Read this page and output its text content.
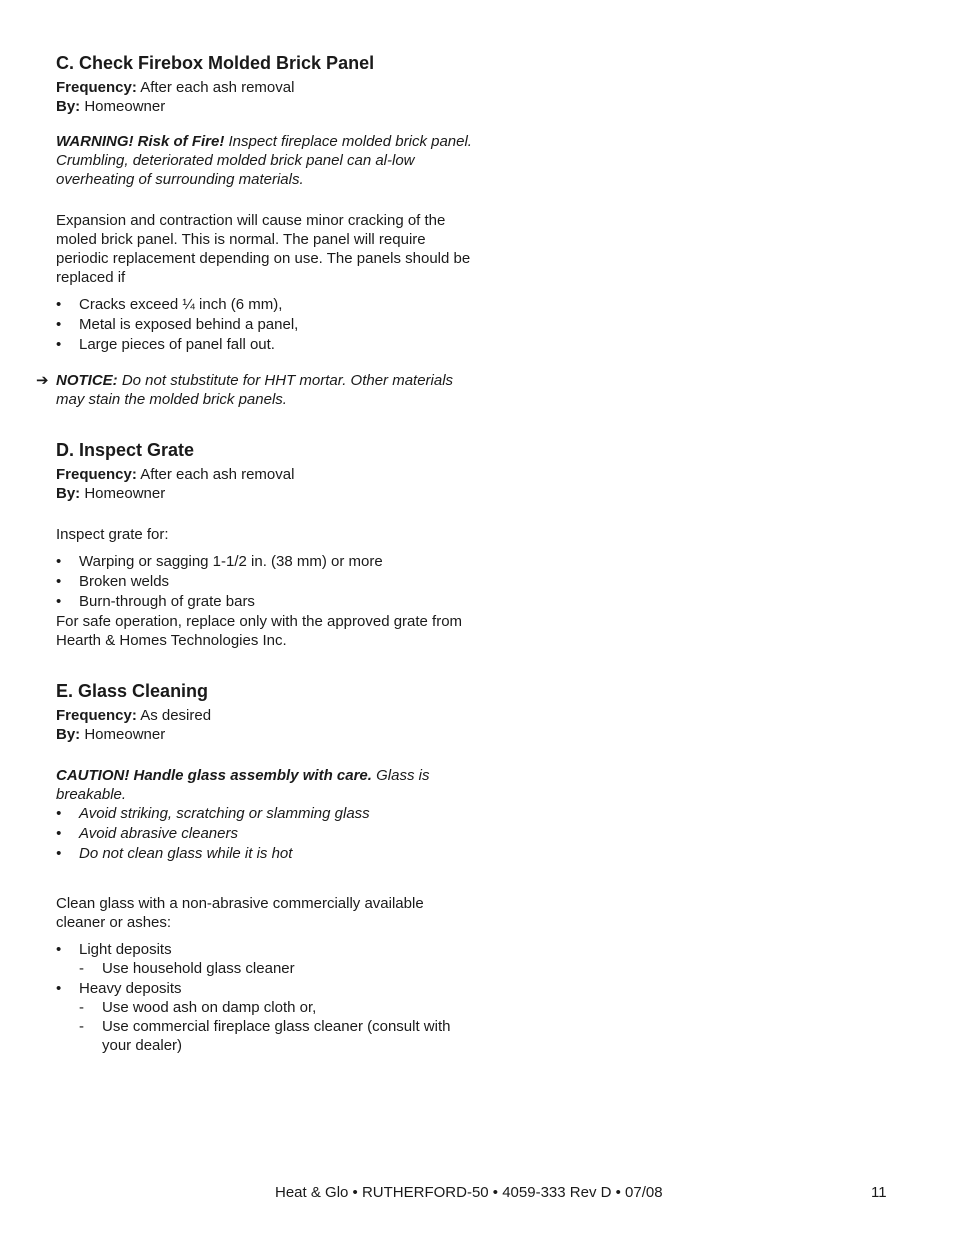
C. Check Firebox Molded Brick Panel

Frequency: After each ash removal

By: Homeowner

WARNING! Risk of Fire! Inspect fireplace molded brick panel. Crumbling, deteriorated molded brick panel can al-low overheating of surrounding materials.

Expansion and contraction will cause minor cracking of the moled brick panel. This is normal. The panel will require periodic replacement depending on use. The panels should be replaced if

• Cracks exceed ¼ inch (6 mm),
• Metal is exposed behind a panel,
• Large pieces of panel fall out.

➔ NOTICE: Do not stubstitute for HHT mortar. Other materials may stain the molded brick panels.

D. Inspect Grate

Frequency: After each ash removal

By: Homeowner

Inspect grate for:

• Warping or sagging 1-1/2 in. (38 mm) or more
• Broken welds
• Burn-through of grate bars

For safe operation, replace only with the approved grate from Hearth & Homes Technologies Inc.

E. Glass Cleaning

Frequency: As desired

By: Homeowner

CAUTION! Handle glass assembly with care. Glass is breakable.

• Avoid striking, scratching or slamming glass
• Avoid abrasive cleaners
• Do not clean glass while it is hot

Clean glass with a non-abrasive commercially available cleaner or ashes:

• Light deposits
- Use household glass cleaner
• Heavy deposits
- Use wood ash on damp cloth or,
- Use commercial fireplace glass cleaner (consult with your dealer)
Heat & Glo • RUTHERFORD-50 • 4059-333 Rev D • 07/08	11
